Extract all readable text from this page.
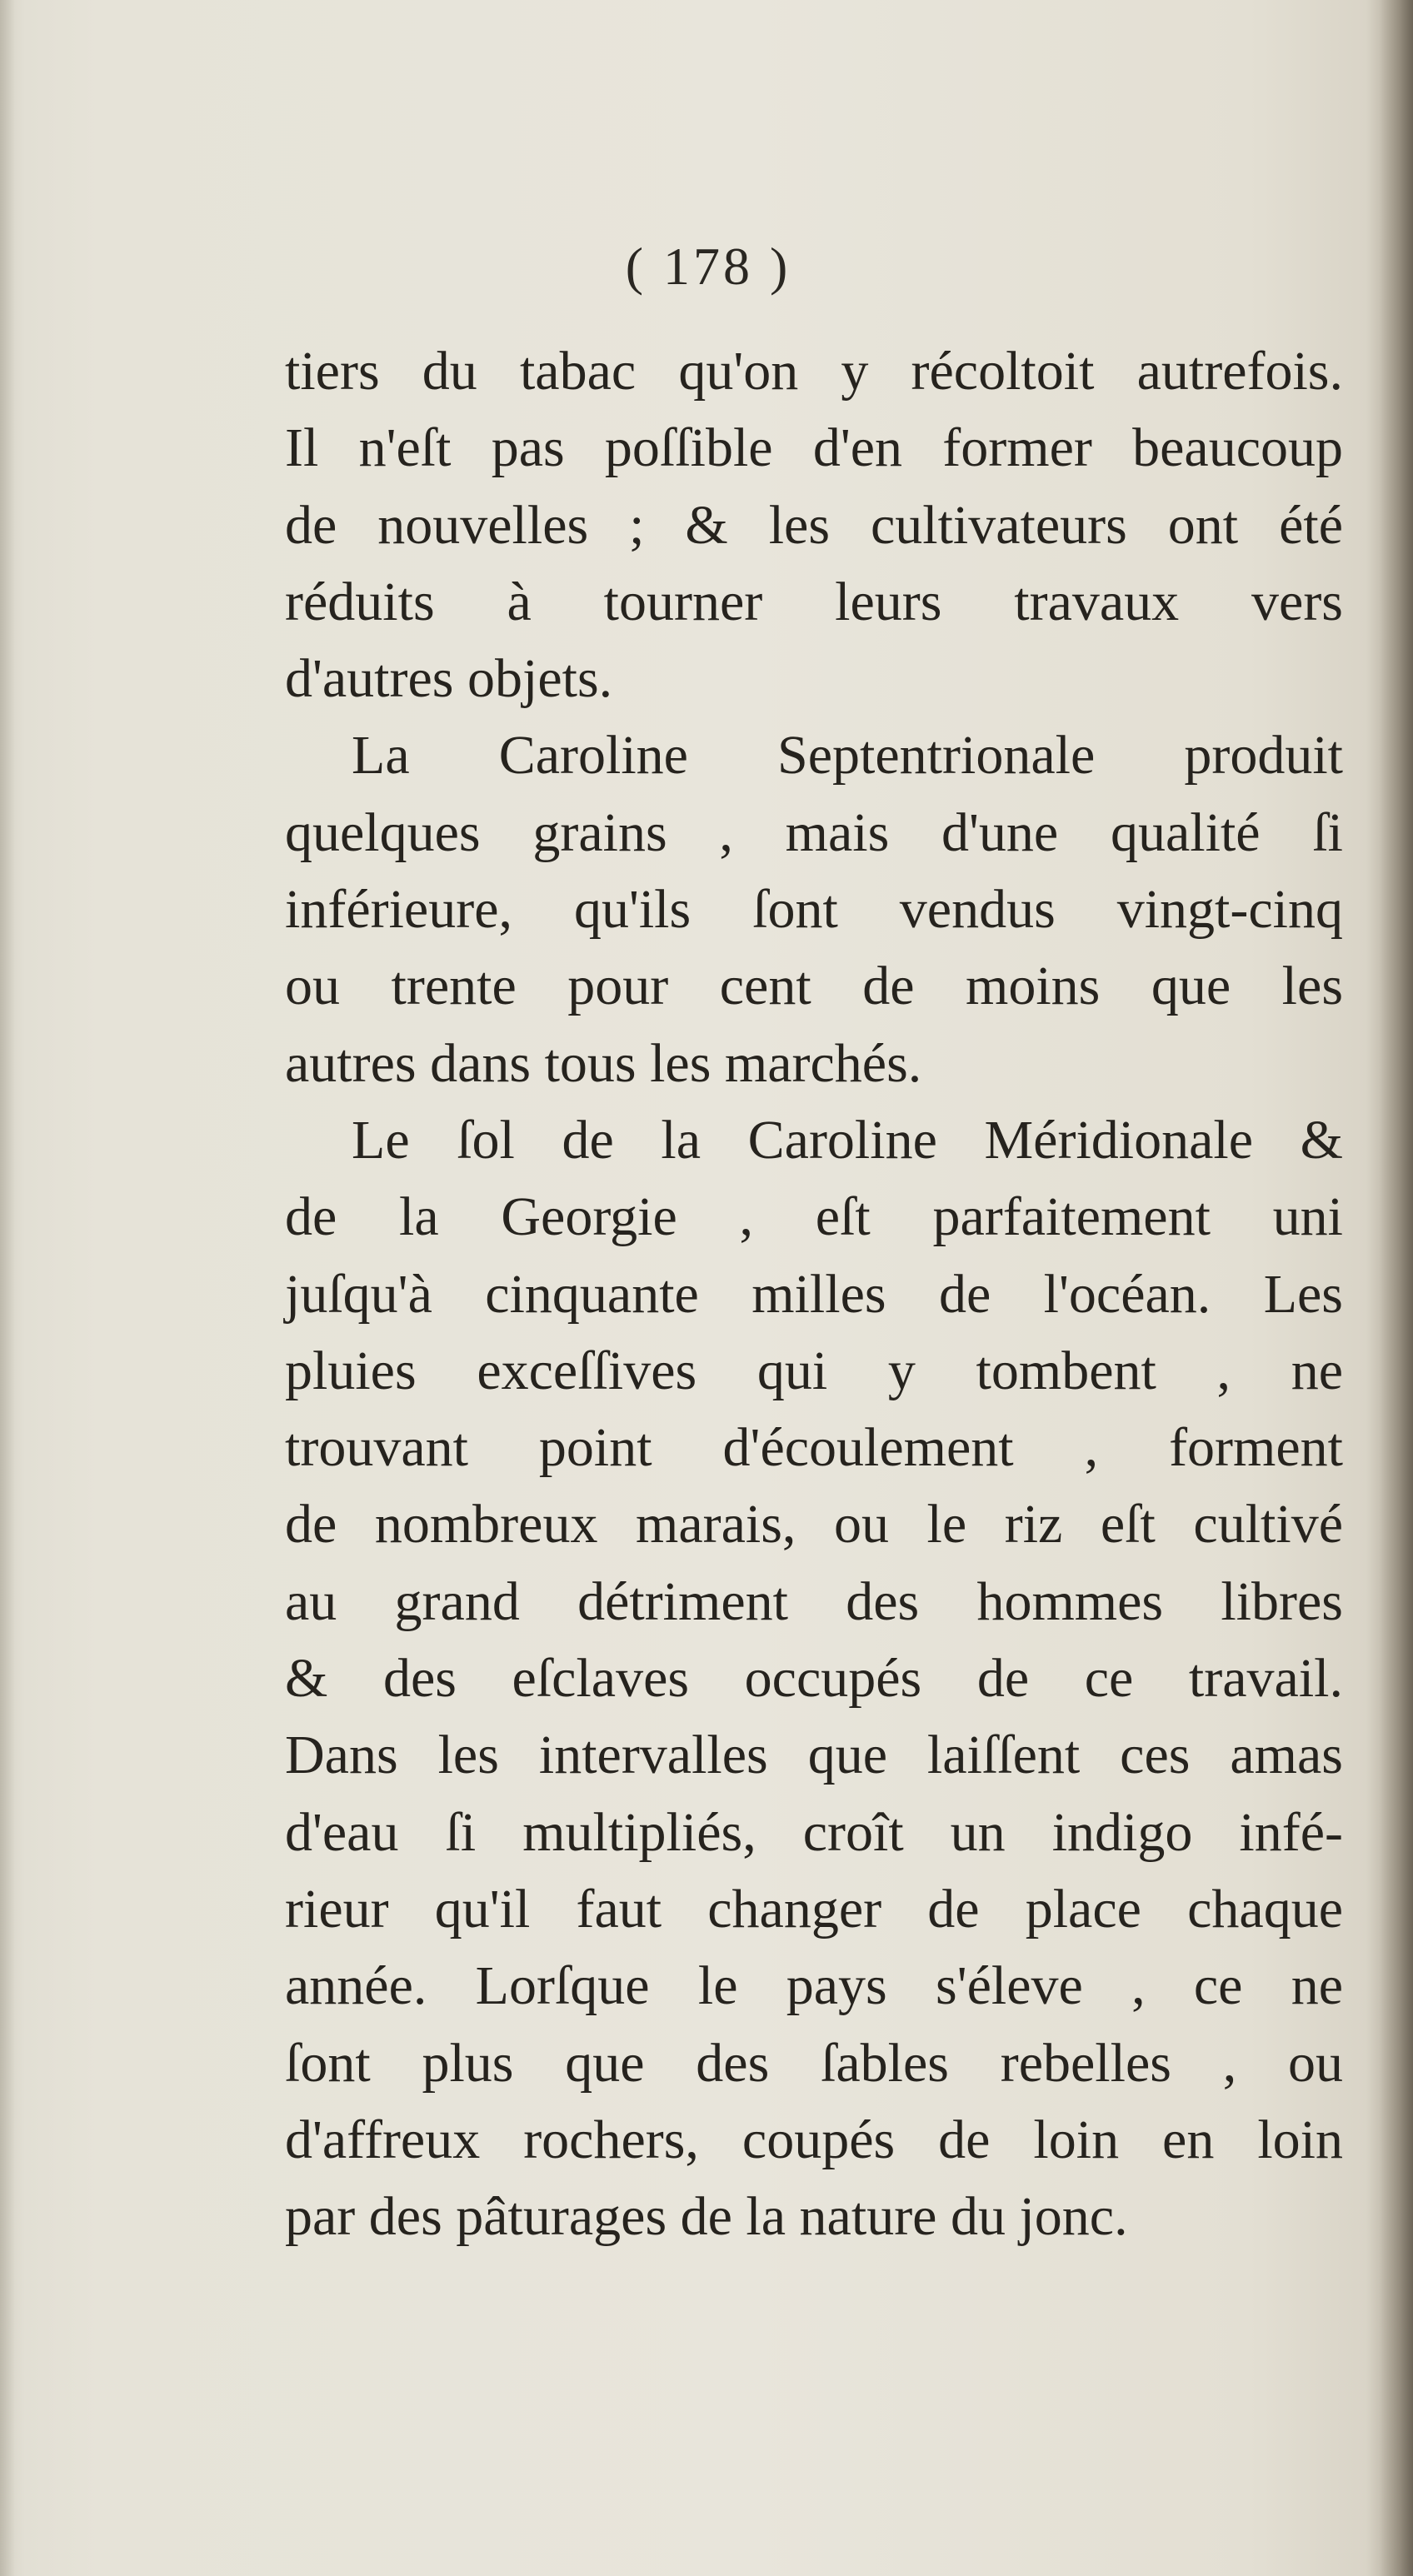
( 178 )
tiers du tabac qu'on y récoltoit autrefois.
Il n'eſt pas poſſible d'en former beaucoup
de nouvelles ; & les cultivateurs ont été
réduits à tourner leurs travaux vers
d'autres objets.
La Caroline Septentrionale produit
quelques grains , mais d'une qualité ſi
inférieure, qu'ils ſont vendus vingt-cinq
ou trente pour cent de moins que les
autres dans tous les marchés.
Le ſol de la Caroline Méridionale &
de la Georgie , eſt parfaitement uni
juſqu'à cinquante milles de l'océan. Les
pluies exceſſives qui y tombent , ne
trouvant point d'écoulement , forment
de nombreux marais, ou le riz eſt cultivé
au grand détriment des hommes libres
& des eſclaves occupés de ce travail.
Dans les intervalles que laiſſent ces amas
d'eau ſi multipliés, croît un indigo infé-
rieur qu'il faut changer de place chaque
année. Lorſque le pays s'éleve , ce ne
ſont plus que des ſables rebelles , ou
d'affreux rochers, coupés de loin en loin
par des pâturages de la nature du jonc.
